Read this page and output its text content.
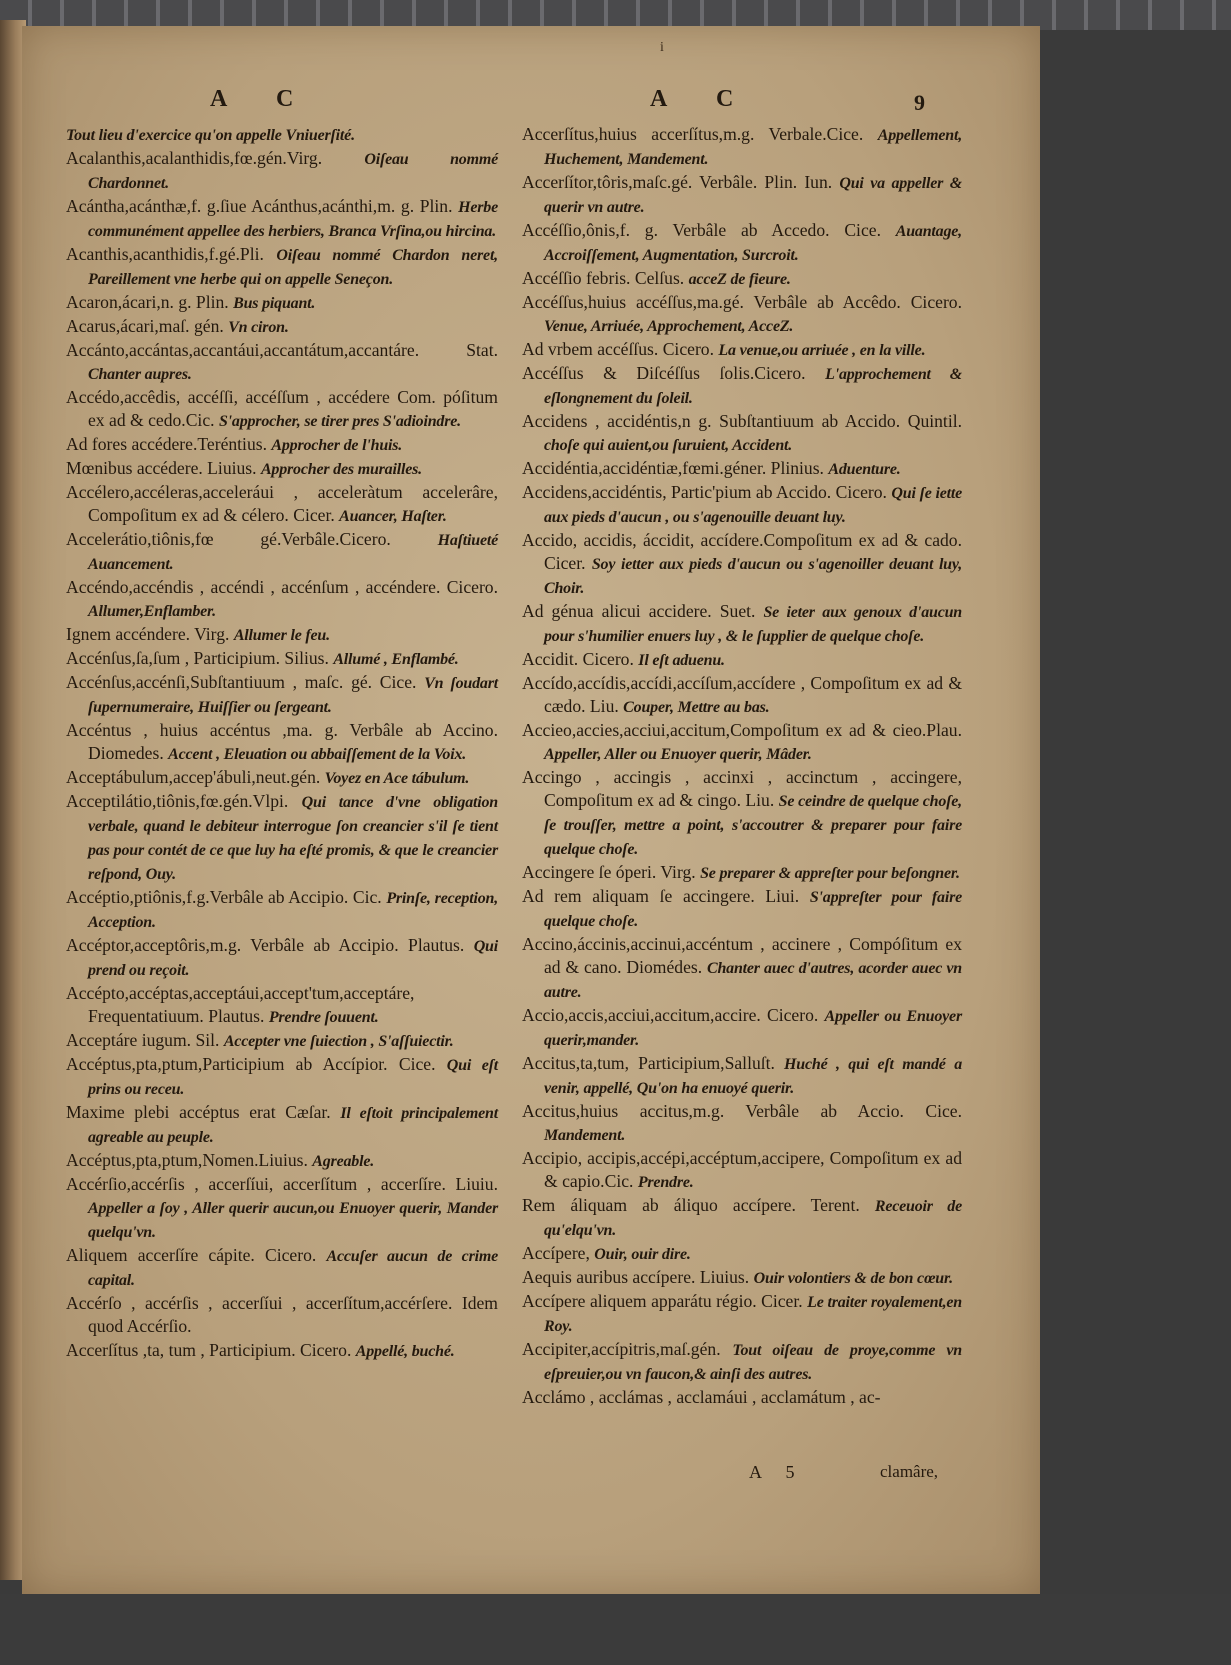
i
A C	A C	9

Tout lieu d'exercice qu'on appelle Vniuerſité.

Acalanthis,acalanthidis,fœ.gén.Virg.	Oiſeau nommé Chardonnet.

Acántha,acánthæ,f. g.ſiue Acánthus,acánthi,m. g. Plin. Herbe communément appellee des herbiers, Branca Vrſina,ou hircina.

Acanthis,acanthidis,f.gé.Pli. Oiſeau nommé Chardon neret, Pareillement vne herbe qui on appelle Seneçon.

Acaron,ácari,n. g. Plin. Bus piquant.

Acarus,ácari,maſ. gén. Vn ciron.

Accánto,accántas,accantáui,accantátum,accantáre. Stat. Chanter aupres.

Accédo,accêdis, accéſſi, accéſſum , accédere Com. póſitum ex ad & cedo.Cic. S'approcher, se tirer pres S'adioindre.

Ad fores accédere.Teréntius. Approcher de l'huis.

Mœnibus accédere. Liuius. Approcher des murailles.

Accélero,accéleras,acceleráui , acceleràtum accelerâre, Compoſitum ex ad & célero. Cicer. Auancer, Haſter.

Accelerátio,tiônis,fœ gé.Verbâle.Cicero.	Haſtiueté Auancement.

Accéndo,accéndis , accéndi , accénſum , accéndere. Cicero. Allumer,Enflamber.

Ignem accéndere. Virg. Allumer le feu.

Accénſus,ſa,ſum , Participium. Silius. Allumé , Enflambé.

Accénſus,accénſi,Subſtantiuum , maſc. gé. Cice. Vn ſoudart ſupernumeraire, Huiſſier ou ſergeant.

Accéntus , huius accéntus ,ma. g. Verbâle ab Accino. Diomedes. Accent , Eleuation ou abbaiſſement de la Voix.

Acceptábulum,accep'ábuli,neut.gén. Voyez en Ace tábulum.

Acceptilátio,tiônis,fœ.gén.Vlpi. Qui tance d'vne obligation verbale, quand le debiteur interrogue ſon creancier s'il ſe tient pas pour contét de ce que luy ha eſté promis, & que le creancier reſpond, Ouy.

Accéptio,ptiônis,f.g.Verbâle ab Accipio. Cic. Prinſe, reception, Acception.

Accéptor,acceptôris,m.g. Verbâle ab Accipio. Plautus. Qui prend ou reçoit.

Accépto,accéptas,acceptáui,accept'tum,acceptáre, Frequentatiuum. Plautus. Prendre ſouuent.

Acceptáre iugum. Sil. Accepter vne ſuiection , S'aſſuiectir.

Accéptus,pta,ptum,Participium ab Accípior. Cice. Qui eſt prins ou receu.

Maxime plebi accéptus erat Cæſar. Il eſtoit principalement agreable au peuple.

Accéptus,pta,ptum,Nomen.Liuius. Agreable.

Accérſio,accérſis , accerſíui, accerſítum , accerſíre. Liuiu. Appeller a ſoy , Aller querir aucun,ou Enuoyer querir, Mander quelqu'vn.

Aliquem accerſíre cápite. Cicero. Accuſer aucun de crime capital.

Accérſo , accérſis , accerſíui , accerſítum,accérſere. Idem quod Accérſio.

Accerſítus ,ta, tum , Participium. Cicero. Appellé, buché.

Accerſítus,huius accerſítus,m.g. Verbale.Cice. Appellement, Huchement, Mandement.

Accerſítor,tôris,maſc.gé. Verbâle. Plin. Iun. Qui va appeller & querir vn autre.

Accéſſio,ônis,f. g. Verbâle ab Accedo. Cice. Auantage, Accroiſſement, Augmentation, Surcroit.

Accéſſio febris. Celſus. acceZ de fieure.

Accéſſus,huius accéſſus,ma.gé. Verbâle ab Accêdo. Cicero. Venue, Arriuée, Approchement, AcceZ.

Ad vrbem accéſſus. Cicero. La venue,ou arriuée , en la ville.

Accéſſus & Diſcéſſus ſolis.Cicero. L'approchement & eſlongnement du ſoleil.

Accidens , accidéntis,n g. Subſtantiuum ab Accido. Quintil. choſe qui auient,ou ſuruient, Accident.

Accidéntia,accidéntiæ,fœmi.géner. Plinius. Aduenture.

Accidens,accidéntis, Partic'pium ab Accido. Cicero. Qui ſe iette aux pieds d'aucun , ou s'agenouille deuant luy.

Accido, accidis, áccidit, accídere.Compoſitum ex ad & cado. Cicer. Soy ietter aux pieds d'aucun ou s'agenoiller deuant luy, Choir.

Ad génua alicui accidere. Suet. Se ieter aux genoux d'aucun pour s'humilier enuers luy , & le ſupplier de quelque choſe.

Accidit. Cicero. Il eſt aduenu.

Accído,accídis,accídi,accíſum,accídere , Compoſitum ex ad & cædo. Liu. Couper, Mettre au bas.

Accieo,accies,acciui,accitum,Compoſitum ex ad & cieo.Plau. Appeller, Aller ou Enuoyer querir, Mâder.

Accingo , accingis , accinxi , accinctum , accingere, Compoſitum ex ad & cingo. Liu. Se ceindre de quelque choſe, ſe trouſſer, mettre a point, s'accoutrer & preparer pour faire quelque choſe.

Accingere ſe óperi. Virg. Se preparer & appreſter pour beſongner.

Ad rem aliquam ſe accingere. Liui. S'appreſter pour faire quelque choſe.

Accino,áccinis,accinui,accéntum , accinere , Compóſitum ex ad & cano. Diomédes. Chanter auec d'autres, acorder auec vn autre.

Accio,accis,acciui,accitum,accire. Cicero. Appeller ou Enuoyer querir,mander.

Accitus,ta,tum, Participium,Salluſt. Huché , qui eſt mandé a venir, appellé, Qu'on ha enuoyé querir.

Accitus,huius accitus,m.g. Verbâle ab Accio. Cice. Mandement.

Accipio, accipis,accépi,accéptum,accipere, Compoſitum ex ad & capio.Cic. Prendre.

Rem áliquam ab áliquo accípere. Terent. Receuoir de qu'elqu'vn.

Accípere, Ouir, ouir dire.

Aequis auribus accípere. Liuius. Ouir volontiers & de bon cœur.

Accípere aliquem apparátu régio. Cicer. Le traiter royalement,en Roy.

Accipiter,accípitris,maſ.gén. Tout oiſeau de proye,comme vn eſpreuier,ou vn faucon,& ainſi des autres.

Acclámo , acclámas , acclamáui , acclamátum , ac-

A 5	clamâre,
